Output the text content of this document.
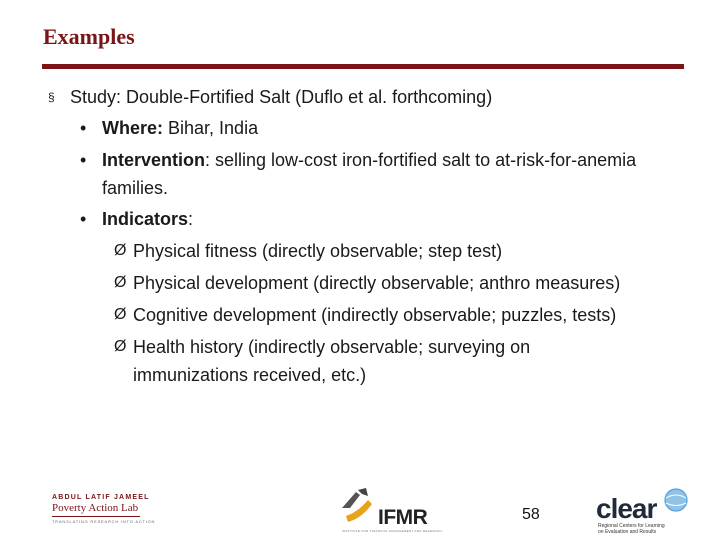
Examples
§ Study: Double-Fortified Salt (Duflo et al. forthcoming)
• Where: Bihar, India
• Intervention: selling low-cost iron-fortified salt to at-risk-for-anemia families.
• Indicators:
Ø Physical fitness (directly observable; step test)
Ø Physical development (directly observable; anthro measures)
Ø Cognitive development (indirectly observable; puzzles, tests)
Ø Health history (indirectly observable; surveying on immunizations received, etc.)
ABDUL LATIF JAMEEL
Poverty Action Lab
TRANSLATING RESEARCH INTO ACTION	IFMR
INSTITUTE FOR FINANCIAL MANAGEMENT AND RESEARCH
58 clear
Regional Centers for Learning on Evaluation and Results
